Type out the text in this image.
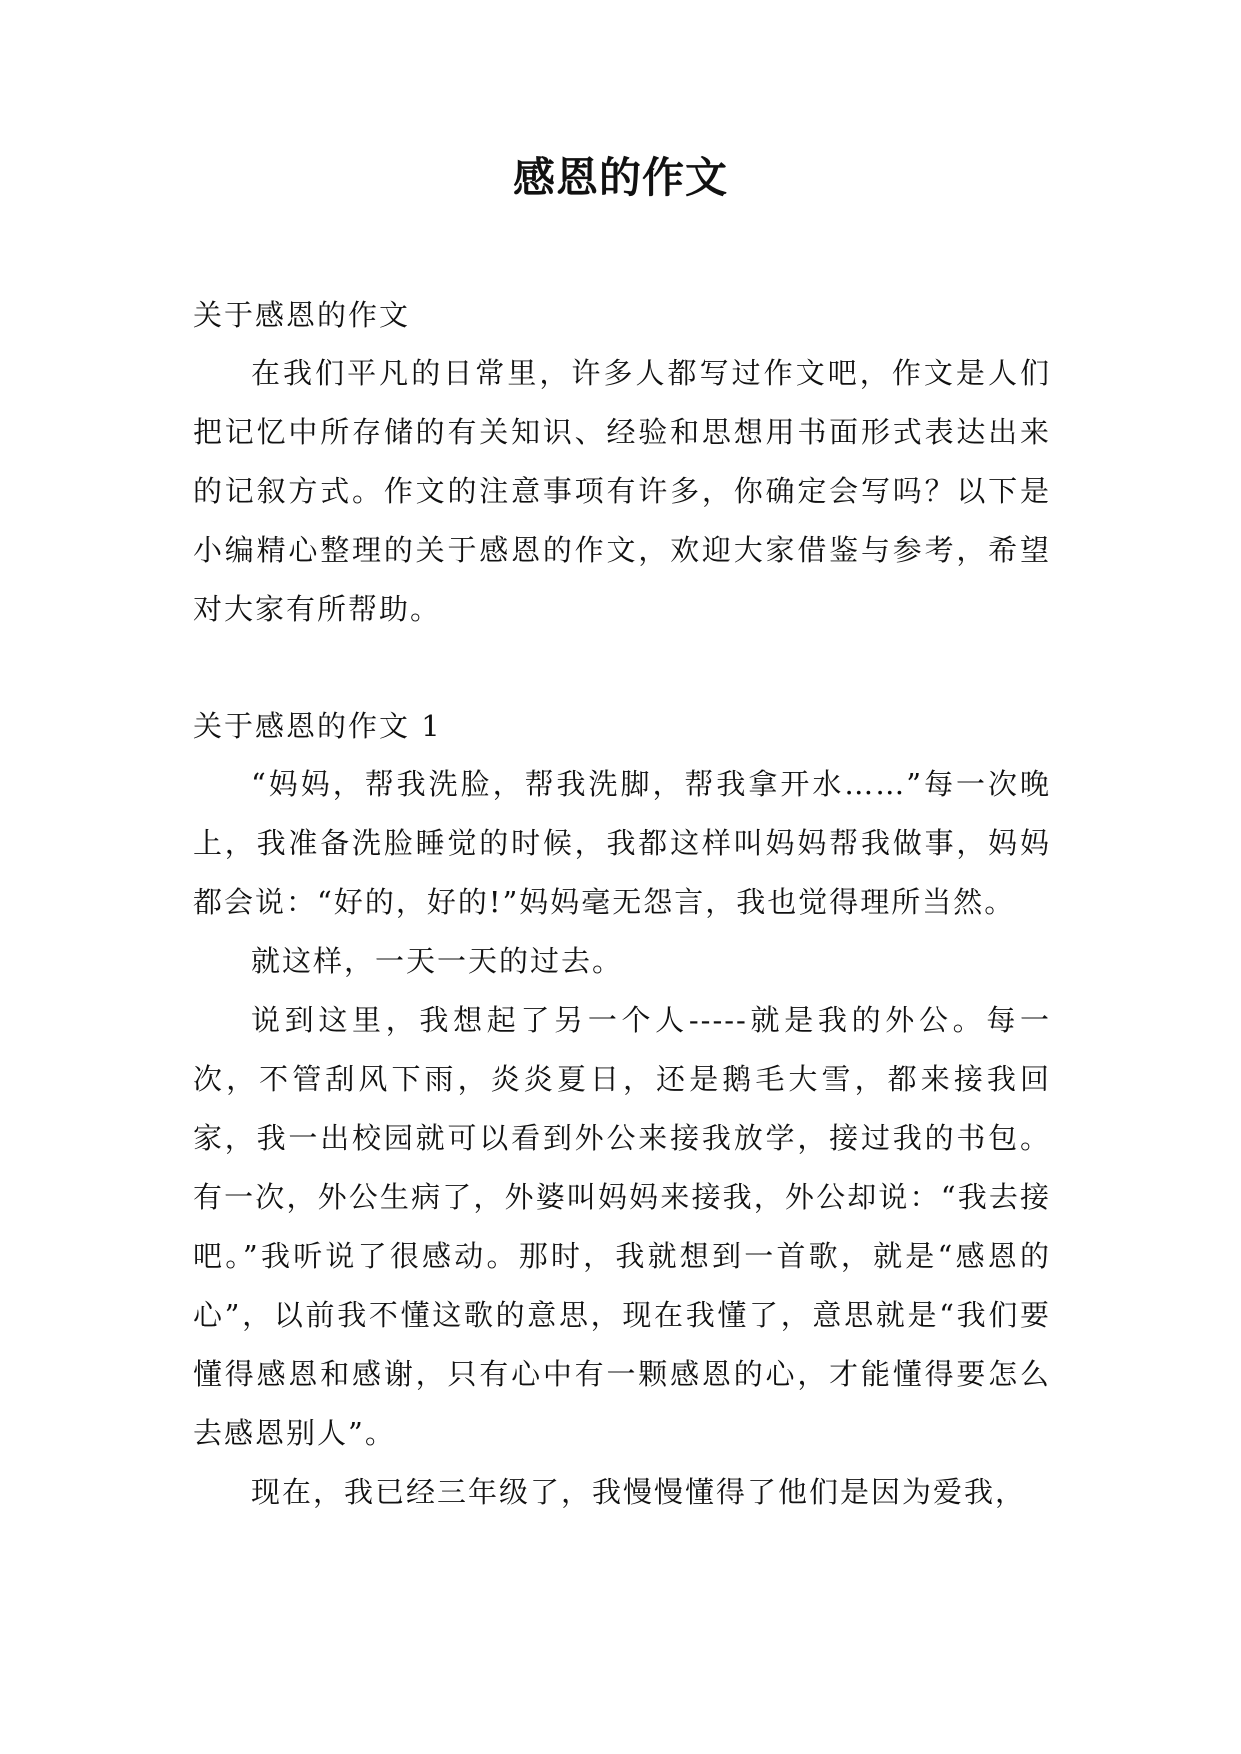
感恩的作文

关于感恩的作文

在我们平凡的日常里，许多人都写过作文吧，作文是人们把记忆中所存储的有关知识、经验和思想用书面形式表达出来的记叙方式。作文的注意事项有许多，你确定会写吗？以下是小编精心整理的关于感恩的作文，欢迎大家借鉴与参考，希望对大家有所帮助。

关于感恩的作文 1

“妈妈，帮我洗脸，帮我洗脚，帮我拿开水……”每一次晚上，我准备洗脸睡觉的时候，我都这样叫妈妈帮我做事，妈妈都会说：“好的，好的!”妈妈毫无怨言，我也觉得理所当然。

就这样，一天一天的过去。

说到这里，我想起了另一个人-----就是我的外公。每一次，不管刮风下雨，炎炎夏日，还是鹅毛大雪，都来接我回家，我一出校园就可以看到外公来接我放学，接过我的书包。有一次，外公生病了，外婆叫妈妈来接我，外公却说：“我去接吧。”我听说了很感动。那时，我就想到一首歌，就是“感恩的心”，以前我不懂这歌的意思，现在我懂了，意思就是“我们要懂得感恩和感谢，只有心中有一颗感恩的心，才能懂得要怎么去感恩别人”。

现在，我已经三年级了，我慢慢懂得了他们是因为爱我，
